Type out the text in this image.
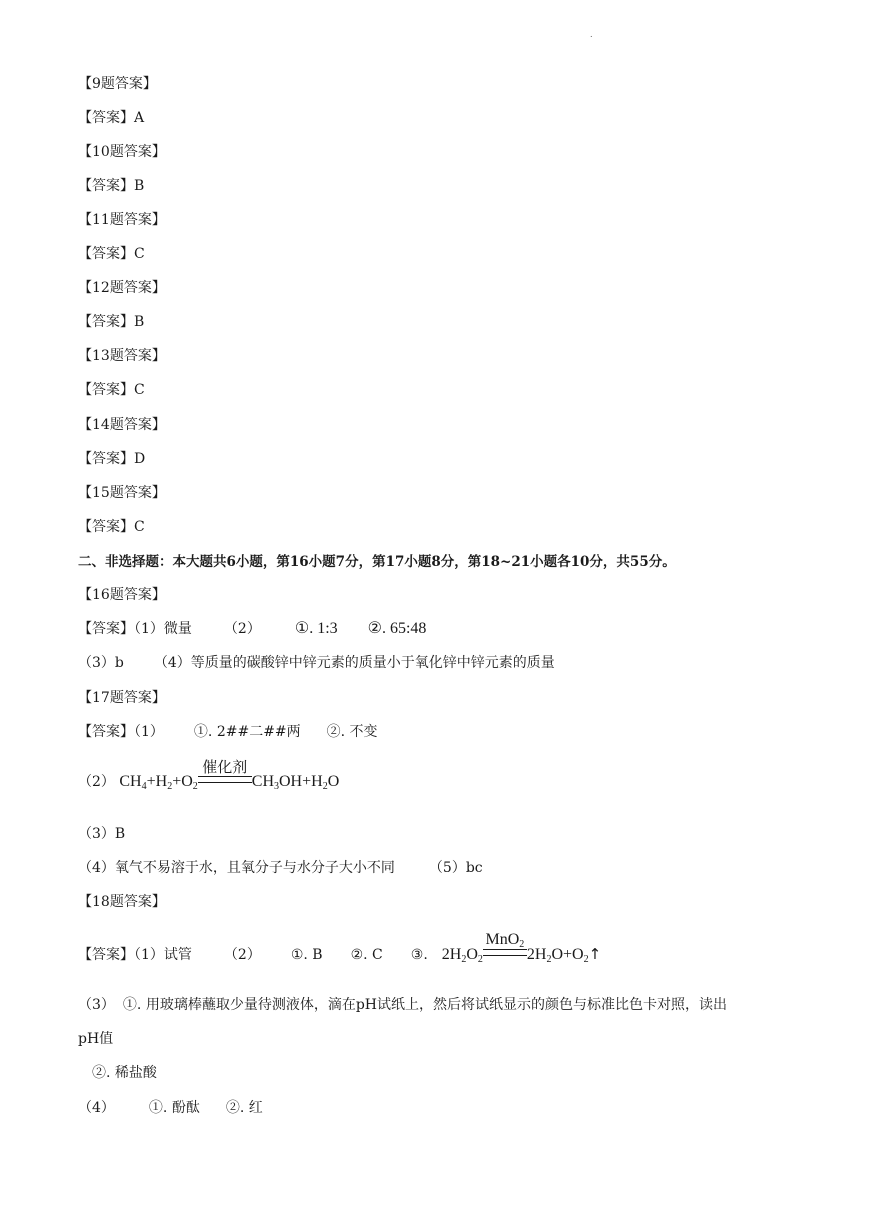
.
【9题答案】
【答案】A
【10题答案】
【答案】B
【11题答案】
【答案】C
【12题答案】
【答案】B
【13题答案】
【答案】C
【14题答案】
【答案】D
【15题答案】
【答案】C
二、非选择题：本大题共6小题，第16小题7分，第17小题8分，第18~21小题各10分，共55分。
【16题答案】
【答案】（1）微量 （2） ①. 1:3 ②. 65:48
（3）b （4）等质量的碳酸锌中锌元素的质量小于氧化锌中锌元素的质量
【17题答案】
【答案】（1） ①. 2##二##两 ②. 不变
（2） $CH_4+H_2+O_2$
催化剂
$CH_3OH+H_2O$
（3）B
（4）氧气不易溶于水，且氧分子与水分子大小不同 （5）bc
【18题答案】
【答案】（1）试管 （2） ①. B ②. C ③. $2H_2O_2$
MnO$_2$
$2H_2O+O_2↑$
（3） ①. 用玻璃棒蘸取少量待测液体，滴在pH试纸上，然后将试纸显示的颜色与标准比色卡对照，读出
pH值
②. 稀盐酸
（4） ①. 酚酞 ②. 红
